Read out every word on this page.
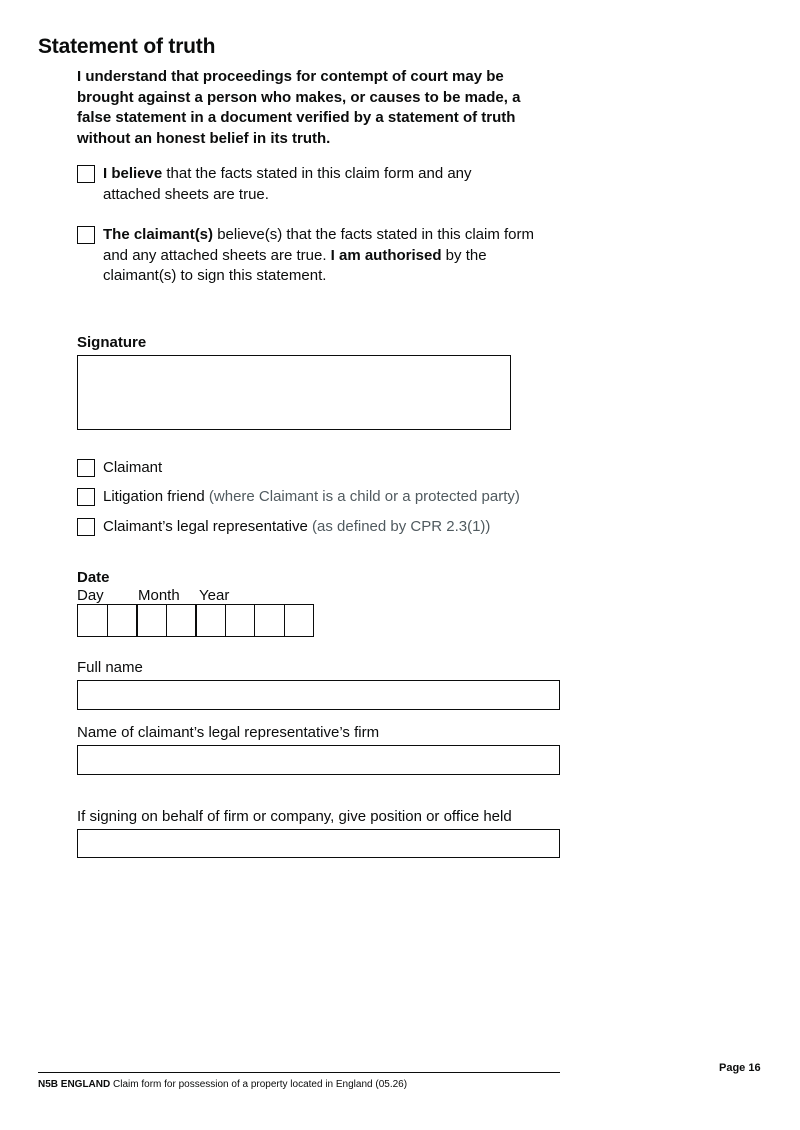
Statement of truth
I understand that proceedings for contempt of court may be brought against a person who makes, or causes to be made, a false statement in a document verified by a statement of truth without an honest belief in its truth.
I believe that the facts stated in this claim form and any attached sheets are true.
The claimant(s) believe(s) that the facts stated in this claim form and any attached sheets are true. I am authorised by the claimant(s) to sign this statement.
Signature
Claimant
Litigation friend (where Claimant is a child or a protected party)
Claimant’s legal representative (as defined by CPR 2.3(1))
Date
Day Month Year
Full name
Name of claimant’s legal representative’s firm
If signing on behalf of firm or company, give position or office held
Page 16
N5B ENGLAND Claim form for possession of a property located in England (05.26)
